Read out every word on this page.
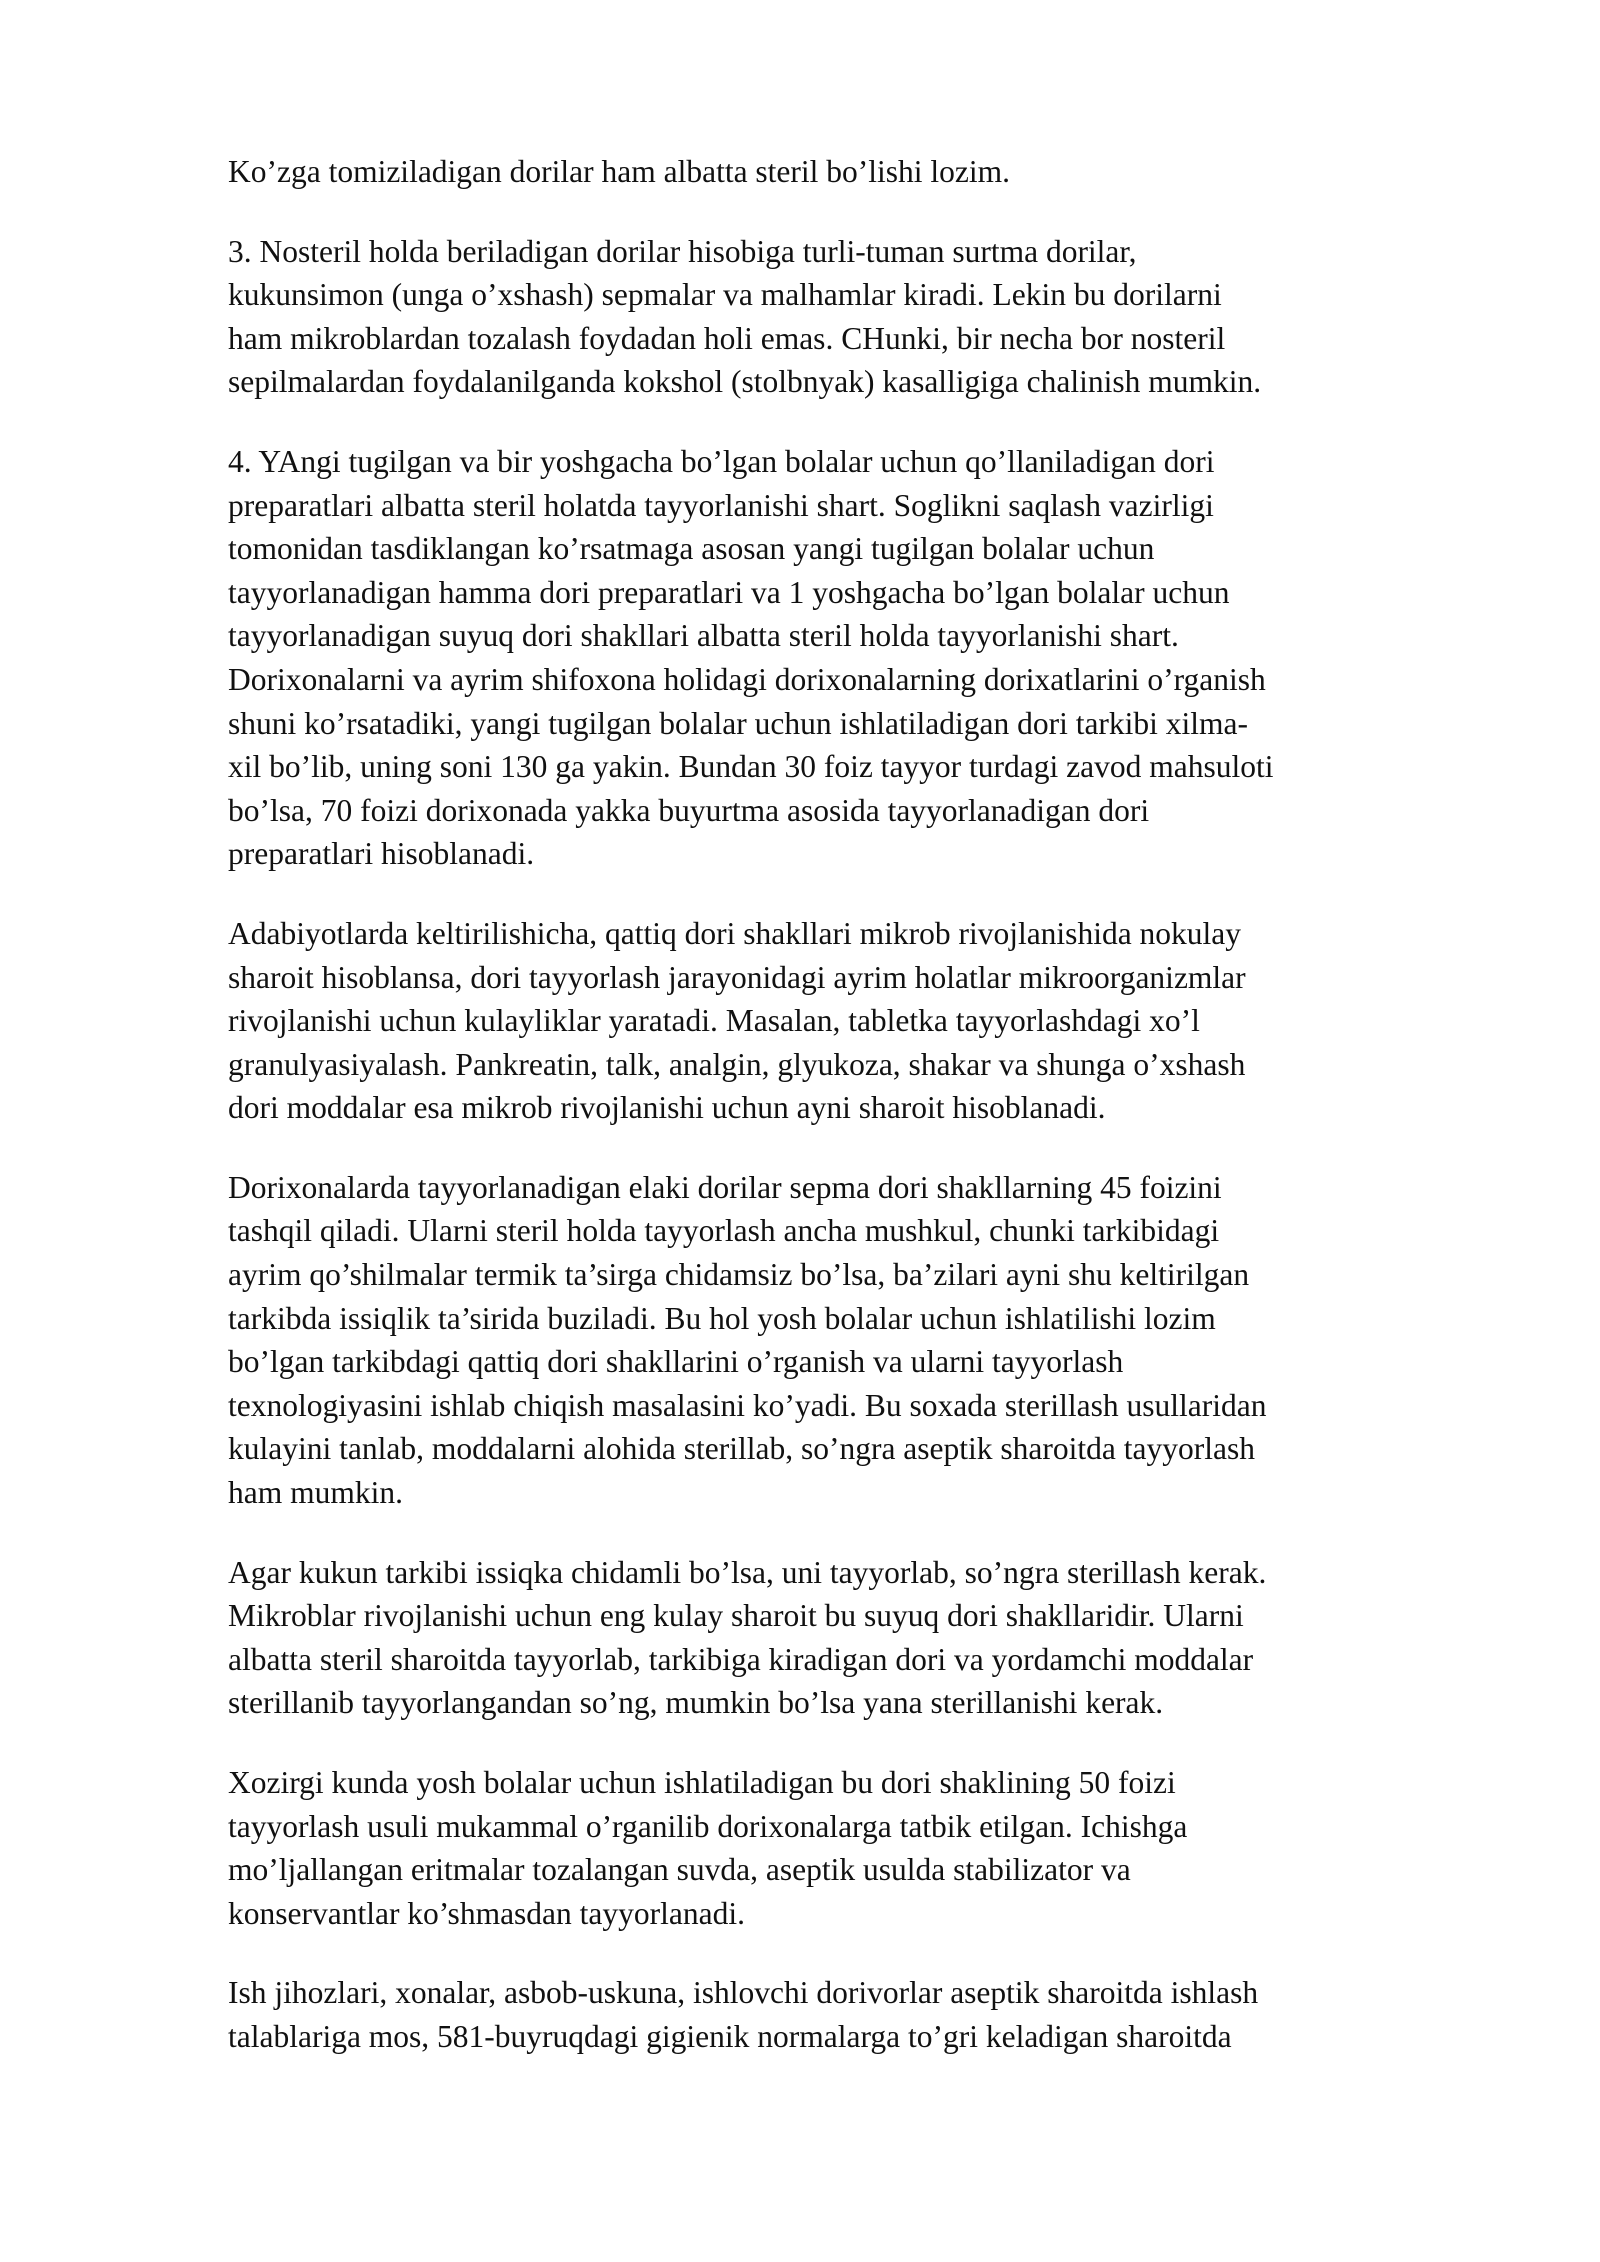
Ko’zga tomiziladigan dorilar ham albatta steril bo’lishi lozim.

3. Nosteril holda beriladigan dorilar hisobiga turli-tuman surtma dorilar,
kukunsimon (unga o’xshash) sepmalar va malhamlar kiradi. Lekin bu dorilarni
ham mikroblardan tozalash foydadan holi emas. CHunki, bir necha bor nosteril
sepilmalardan foydalanilganda kokshol (stolbnyak) kasalligiga chalinish mumkin.

4. YAngi tugilgan va bir yoshgacha bo’lgan bolalar uchun qo’llaniladigan dori
preparatlari albatta steril holatda tayyorlanishi shart. Soglikni saqlash vazirligi
tomonidan tasdiklangan ko’rsatmaga asosan yangi tugilgan bolalar uchun
tayyorlanadigan hamma dori preparatlari va 1 yoshgacha bo’lgan bolalar uchun
tayyorlanadigan suyuq dori shakllari albatta steril holda tayyorlanishi shart.
Dorixonalarni va ayrim shifoxona holidagi dorixonalarning dorixatlarini o’rganish
shuni ko’rsatadiki, yangi tugilgan bolalar uchun ishlatiladigan dori tarkibi xilma-
xil bo’lib, uning soni 130 ga yakin. Bundan 30 foiz tayyor turdagi zavod mahsuloti
bo’lsa, 70 foizi dorixonada yakka buyurtma asosida tayyorlanadigan dori
preparatlari hisoblanadi.

Adabiyotlarda keltirilishicha, qattiq dori shakllari mikrob rivojlanishida nokulay
sharoit hisoblansa, dori tayyorlash jarayonidagi ayrim holatlar mikroorganizmlar
rivojlanishi uchun kulayliklar yaratadi. Masalan, tabletka tayyorlashdagi xo’l
granulyasiyalash. Pankreatin, talk, analgin, glyukoza, shakar va shunga o’xshash
dori moddalar esa mikrob rivojlanishi uchun ayni sharoit hisoblanadi.

Dorixonalarda tayyorlanadigan elaki dorilar sepma dori shakllarning 45 foizini
tashqil qiladi. Ularni steril holda tayyorlash ancha mushkul, chunki tarkibidagi
ayrim qo’shilmalar termik ta’sirga chidamsiz bo’lsa, ba’zilari ayni shu keltirilgan
tarkibda issiqlik ta’sirida buziladi. Bu hol yosh bolalar uchun ishlatilishi lozim
bo’lgan tarkibdagi qattiq dori shakllarini o’rganish va ularni tayyorlash
texnologiyasini ishlab chiqish masalasini ko’yadi. Bu soxada sterillash usullaridan
kulayini tanlab, moddalarni alohida sterillab, so’ngra aseptik sharoitda tayyorlash
ham mumkin.

Agar kukun tarkibi issiqka chidamli bo’lsa, uni tayyorlab, so’ngra sterillash kerak.
Mikroblar rivojlanishi uchun eng kulay sharoit bu suyuq dori shakllaridir. Ularni
albatta steril sharoitda tayyorlab, tarkibiga kiradigan dori va yordamchi moddalar
sterillanib tayyorlangandan so’ng, mumkin bo’lsa yana sterillanishi kerak.

Xozirgi kunda yosh bolalar uchun ishlatiladigan bu dori shaklining 50 foizi
tayyorlash usuli mukammal o’rganilib dorixonalarga tatbik etilgan. Ichishga
mo’ljallangan eritmalar tozalangan suvda, aseptik usulda stabilizator va
konservantlar ko’shmasdan tayyorlanadi.

Ish jihozlari, xonalar, asbob-uskuna, ishlovchi dorivorlar aseptik sharoitda ishlash
talablariga mos, 581-buyruqdagi gigienik normalarga to’gri keladigan sharoitda
